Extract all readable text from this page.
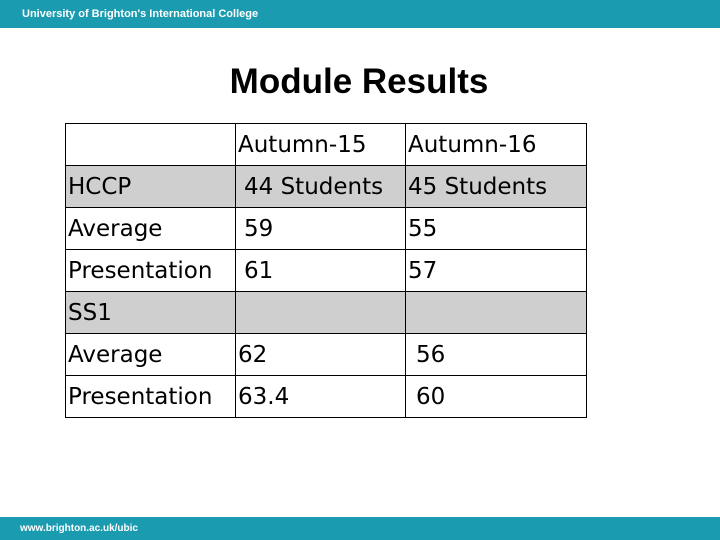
University of Brighton's International College
Module Results
	Autumn-15	Autumn-16
HCCP	44 Students	45 Students
Average	59	55
Presentation	61	57
SS1		
Average	62	56
Presentation	63.4	60
www.brighton.ac.uk/ubic
